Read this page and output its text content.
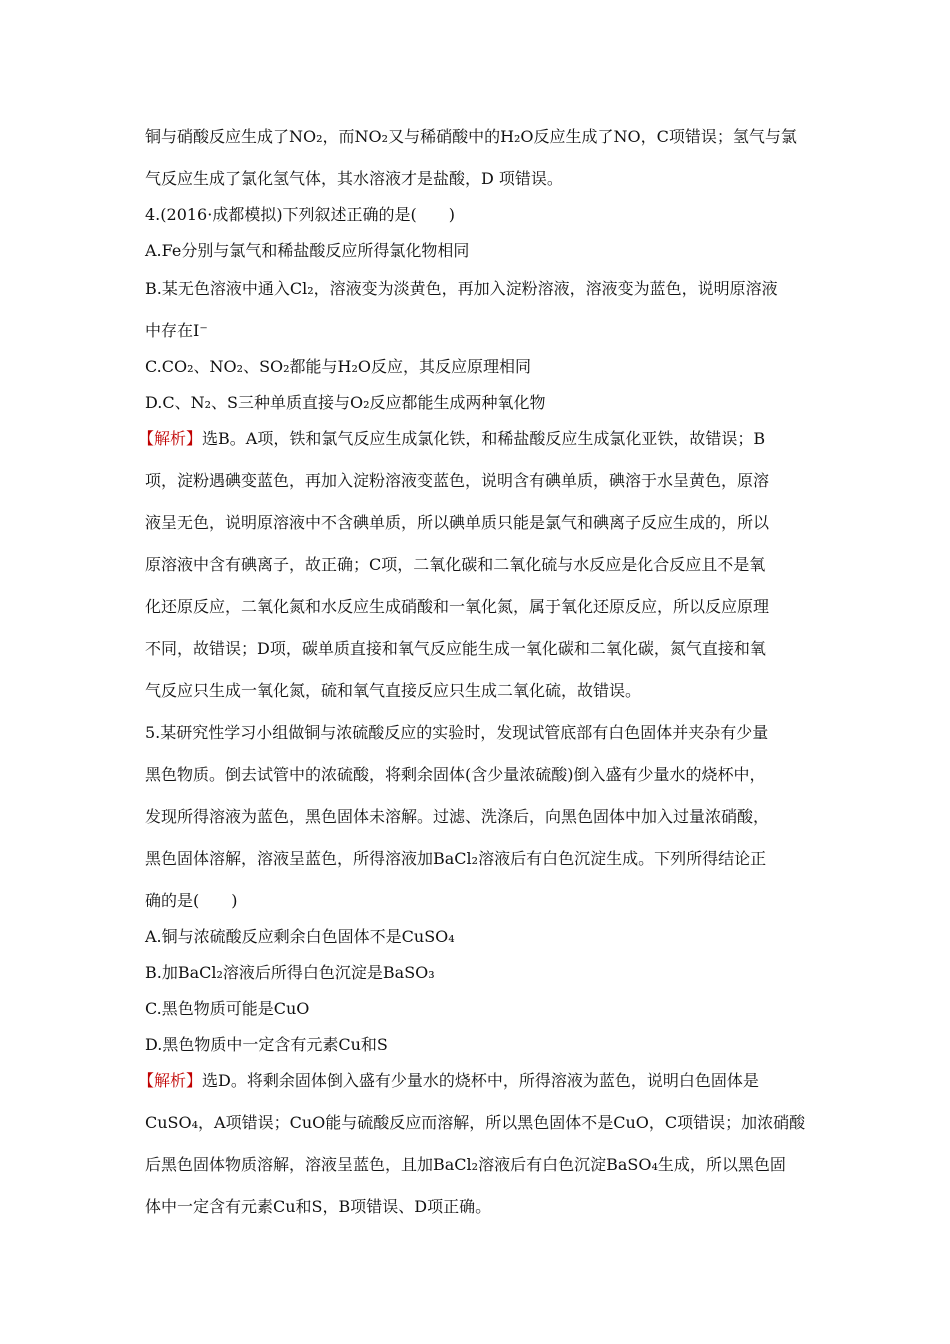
铜与硝酸反应生成了NO₂，而NO₂又与稀硝酸中的H₂O反应生成了NO，C项错误；氢气与氯
气反应生成了氯化氢气体，其水溶液才是盐酸，D 项错误。
4.(2016·成都模拟)下列叙述正确的是(　　)
A.Fe分别与氯气和稀盐酸反应所得氯化物相同
B.某无色溶液中通入Cl₂，溶液变为淡黄色，再加入淀粉溶液，溶液变为蓝色，说明原溶液
中存在I⁻
C.CO₂、NO₂、SO₂都能与H₂O反应，其反应原理相同
D.C、N₂、S三种单质直接与O₂反应都能生成两种氧化物
【解析】选B。A项，铁和氯气反应生成氯化铁，和稀盐酸反应生成氯化亚铁，故错误；B
项，淀粉遇碘变蓝色，再加入淀粉溶液变蓝色，说明含有碘单质，碘溶于水呈黄色，原溶
液呈无色，说明原溶液中不含碘单质，所以碘单质只能是氯气和碘离子反应生成的，所以
原溶液中含有碘离子，故正确；C项，二氧化碳和二氧化硫与水反应是化合反应且不是氧
化还原反应，二氧化氮和水反应生成硝酸和一氧化氮，属于氧化还原反应，所以反应原理
不同，故错误；D项，碳单质直接和氧气反应能生成一氧化碳和二氧化碳，氮气直接和氧
气反应只生成一氧化氮，硫和氧气直接反应只生成二氧化硫，故错误。
5.某研究性学习小组做铜与浓硫酸反应的实验时，发现试管底部有白色固体并夹杂有少量
黑色物质。倒去试管中的浓硫酸，将剩余固体(含少量浓硫酸)倒入盛有少量水的烧杯中，
发现所得溶液为蓝色，黑色固体未溶解。过滤、洗涤后，向黑色固体中加入过量浓硝酸，
黑色固体溶解，溶液呈蓝色，所得溶液加BaCl₂溶液后有白色沉淀生成。下列所得结论正
确的是(　　)
A.铜与浓硫酸反应剩余白色固体不是CuSO₄
B.加BaCl₂溶液后所得白色沉淀是BaSO₃
C.黑色物质可能是CuO
D.黑色物质中一定含有元素Cu和S
【解析】选D。将剩余固体倒入盛有少量水的烧杯中，所得溶液为蓝色，说明白色固体是
CuSO₄，A项错误；CuO能与硫酸反应而溶解，所以黑色固体不是CuO，C项错误；加浓硝酸
后黑色固体物质溶解，溶液呈蓝色，且加BaCl₂溶液后有白色沉淀BaSO₄生成，所以黑色固
体中一定含有元素Cu和S，B项错误、D项正确。
